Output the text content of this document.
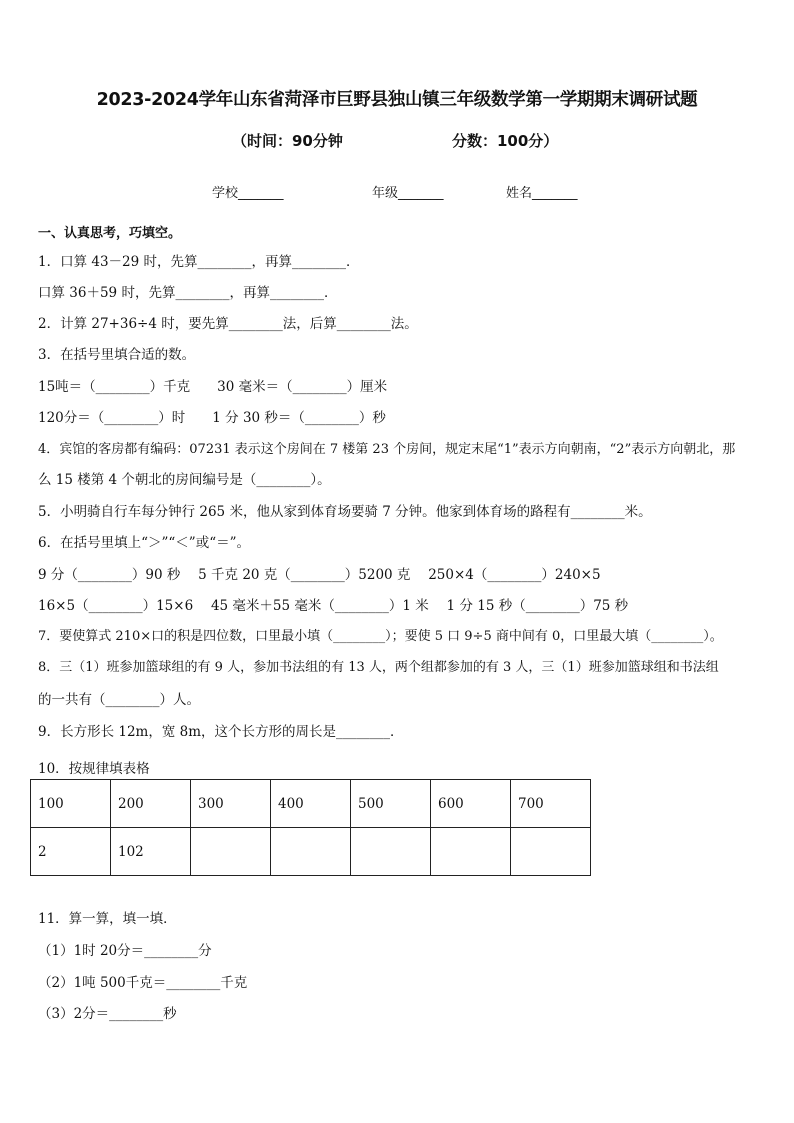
2023-2024学年山东省菏泽市巨野县独山镇三年级数学第一学期期末调研试题
（时间：90分钟	分数：100分）
学校_______	年级_______	姓名_______
一、认真思考，巧填空。
1．口算 43－29 时，先算________，再算________．
口算 36＋59 时，先算________，再算________．
2．计算 27+36÷4 时，要先算________法，后算________法。
3．在括号里填合适的数。
15吨＝（________）千克　　30 毫米＝（________）厘米
120分＝（________）时　　1 分 30 秒＝（________）秒
4．宾馆的客房都有编码：07231 表示这个房间在 7 楼第 23 个房间，规定末尾“1”表示方向朝南，“2”表示方向朝北，那
么 15 楼第 4 个朝北的房间编号是（________）。
5．小明骑自行车每分钟行 265 米，他从家到体育场要骑 7 分钟。他家到体育场的路程有________米。
6．在括号里填上“＞”“＜”或“＝”。
9 分（________）90 秒　 5 千克 20 克（________）5200 克　 250×4（________）240×5
16×5（________）15×6　 45 毫米＋55 毫米（________）1 米　 1 分 15 秒（________）75 秒
7．要使算式 210×口的积是四位数，口里最小填（________）；要使 5 口 9÷5 商中间有 0，口里最大填（________）。
8．三（1）班参加篮球组的有 9 人，参加书法组的有 13 人，两个组都参加的有 3 人，三（1）班参加篮球组和书法组
的一共有（________）人。
9．长方形长 12m，宽 8m，这个长方形的周长是________．
10．按规律填表格
100	200	300	400	500	600	700
2	102					
11．算一算，填一填．
（1）1时 20分＝________分
（2）1吨 500千克＝________千克
（3）2分＝________秒
